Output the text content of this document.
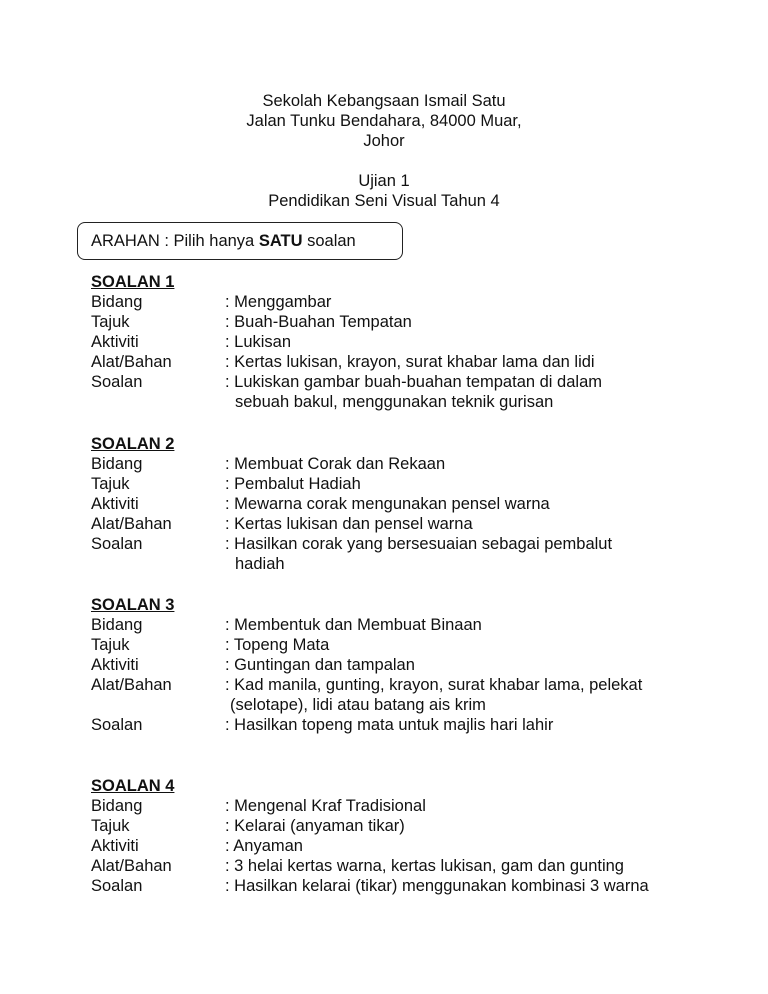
Sekolah Kebangsaan Ismail Satu
Jalan Tunku Bendahara, 84000 Muar,
Johor
Ujian 1
Pendidikan Seni Visual Tahun 4
ARAHAN : Pilih hanya SATU soalan
SOALAN 1
Bidang	: Menggambar
Tajuk	: Buah-Buahan Tempatan
Aktiviti	: Lukisan
Alat/Bahan	: Kertas lukisan, krayon, surat khabar lama dan lidi
Soalan	: Lukiskan gambar buah-buahan tempatan di dalam
sebuah bakul, menggunakan teknik gurisan
SOALAN 2
Bidang	: Membuat Corak dan Rekaan
Tajuk	: Pembalut Hadiah
Aktiviti	: Mewarna corak mengunakan pensel warna
Alat/Bahan	: Kertas lukisan dan pensel warna
Soalan	: Hasilkan corak yang bersesuaian sebagai pembalut
hadiah
SOALAN 3
Bidang	: Membentuk dan Membuat Binaan
Tajuk	: Topeng Mata
Aktiviti	: Guntingan dan tampalan
Alat/Bahan	: Kad manila, gunting, krayon, surat khabar lama, pelekat
(selotape), lidi atau batang ais krim
Soalan	: Hasilkan topeng mata untuk majlis hari lahir
SOALAN 4
Bidang	: Mengenal Kraf Tradisional
Tajuk	: Kelarai (anyaman tikar)
Aktiviti	: Anyaman
Alat/Bahan	: 3 helai kertas warna, kertas lukisan, gam dan gunting
Soalan	: Hasilkan kelarai (tikar) menggunakan kombinasi 3 warna
